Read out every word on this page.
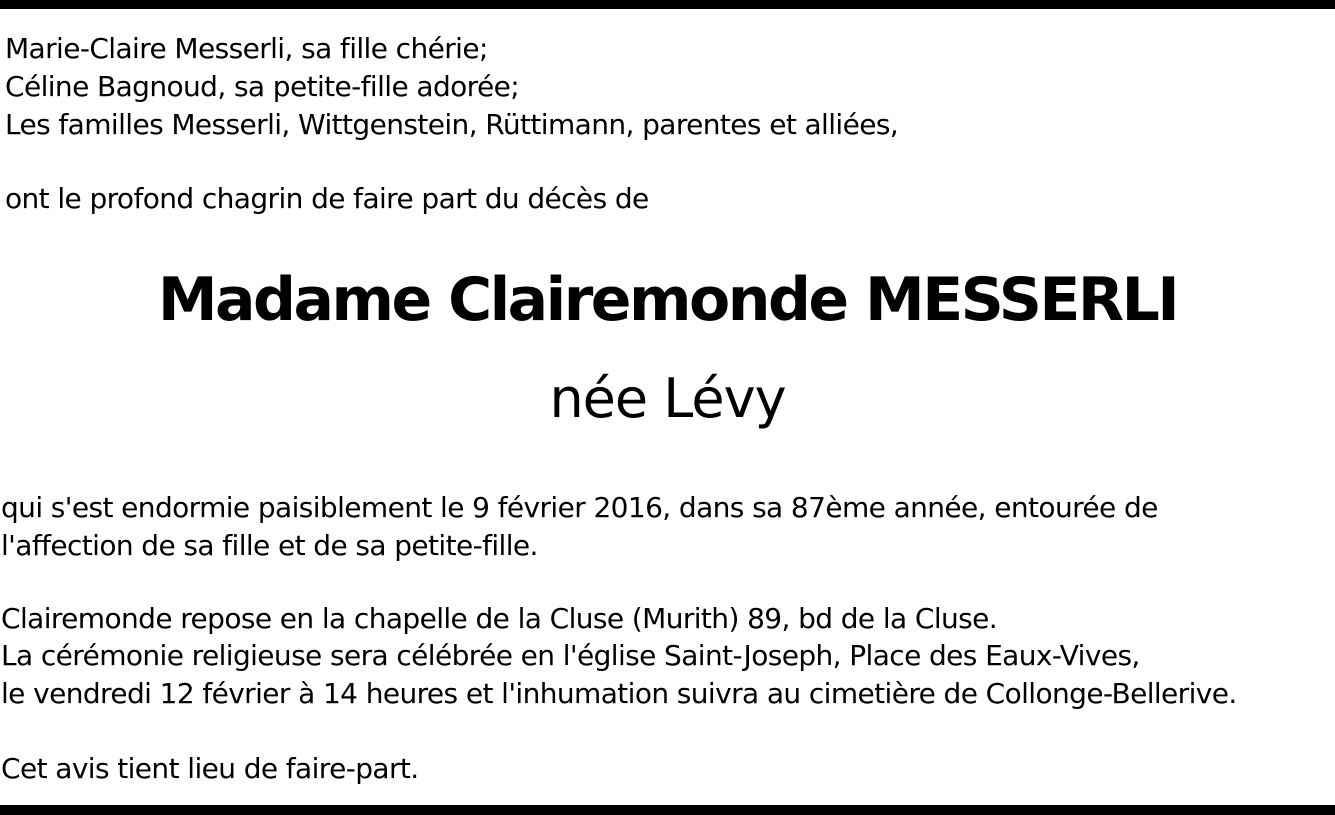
Marie-Claire Messerli, sa fille chérie;
Céline Bagnoud, sa petite-fille adorée;
Les familles Messerli, Wittgenstein, Rüttimann, parentes et alliées,
ont le profond chagrin de faire part du décès de
Madame Clairemonde MESSERLI
née Lévy
qui s'est endormie paisiblement le 9 février 2016, dans sa 87ème année, entourée de
l'affection de sa fille et de sa petite-fille.
Clairemonde repose en la chapelle de la Cluse (Murith) 89, bd de la Cluse.
La cérémonie religieuse sera célébrée en l'église Saint-Joseph, Place des Eaux-Vives,
le vendredi 12 février à 14 heures et l'inhumation suivra au cimetière de Collonge-Bellerive.
Cet avis tient lieu de faire-part.
